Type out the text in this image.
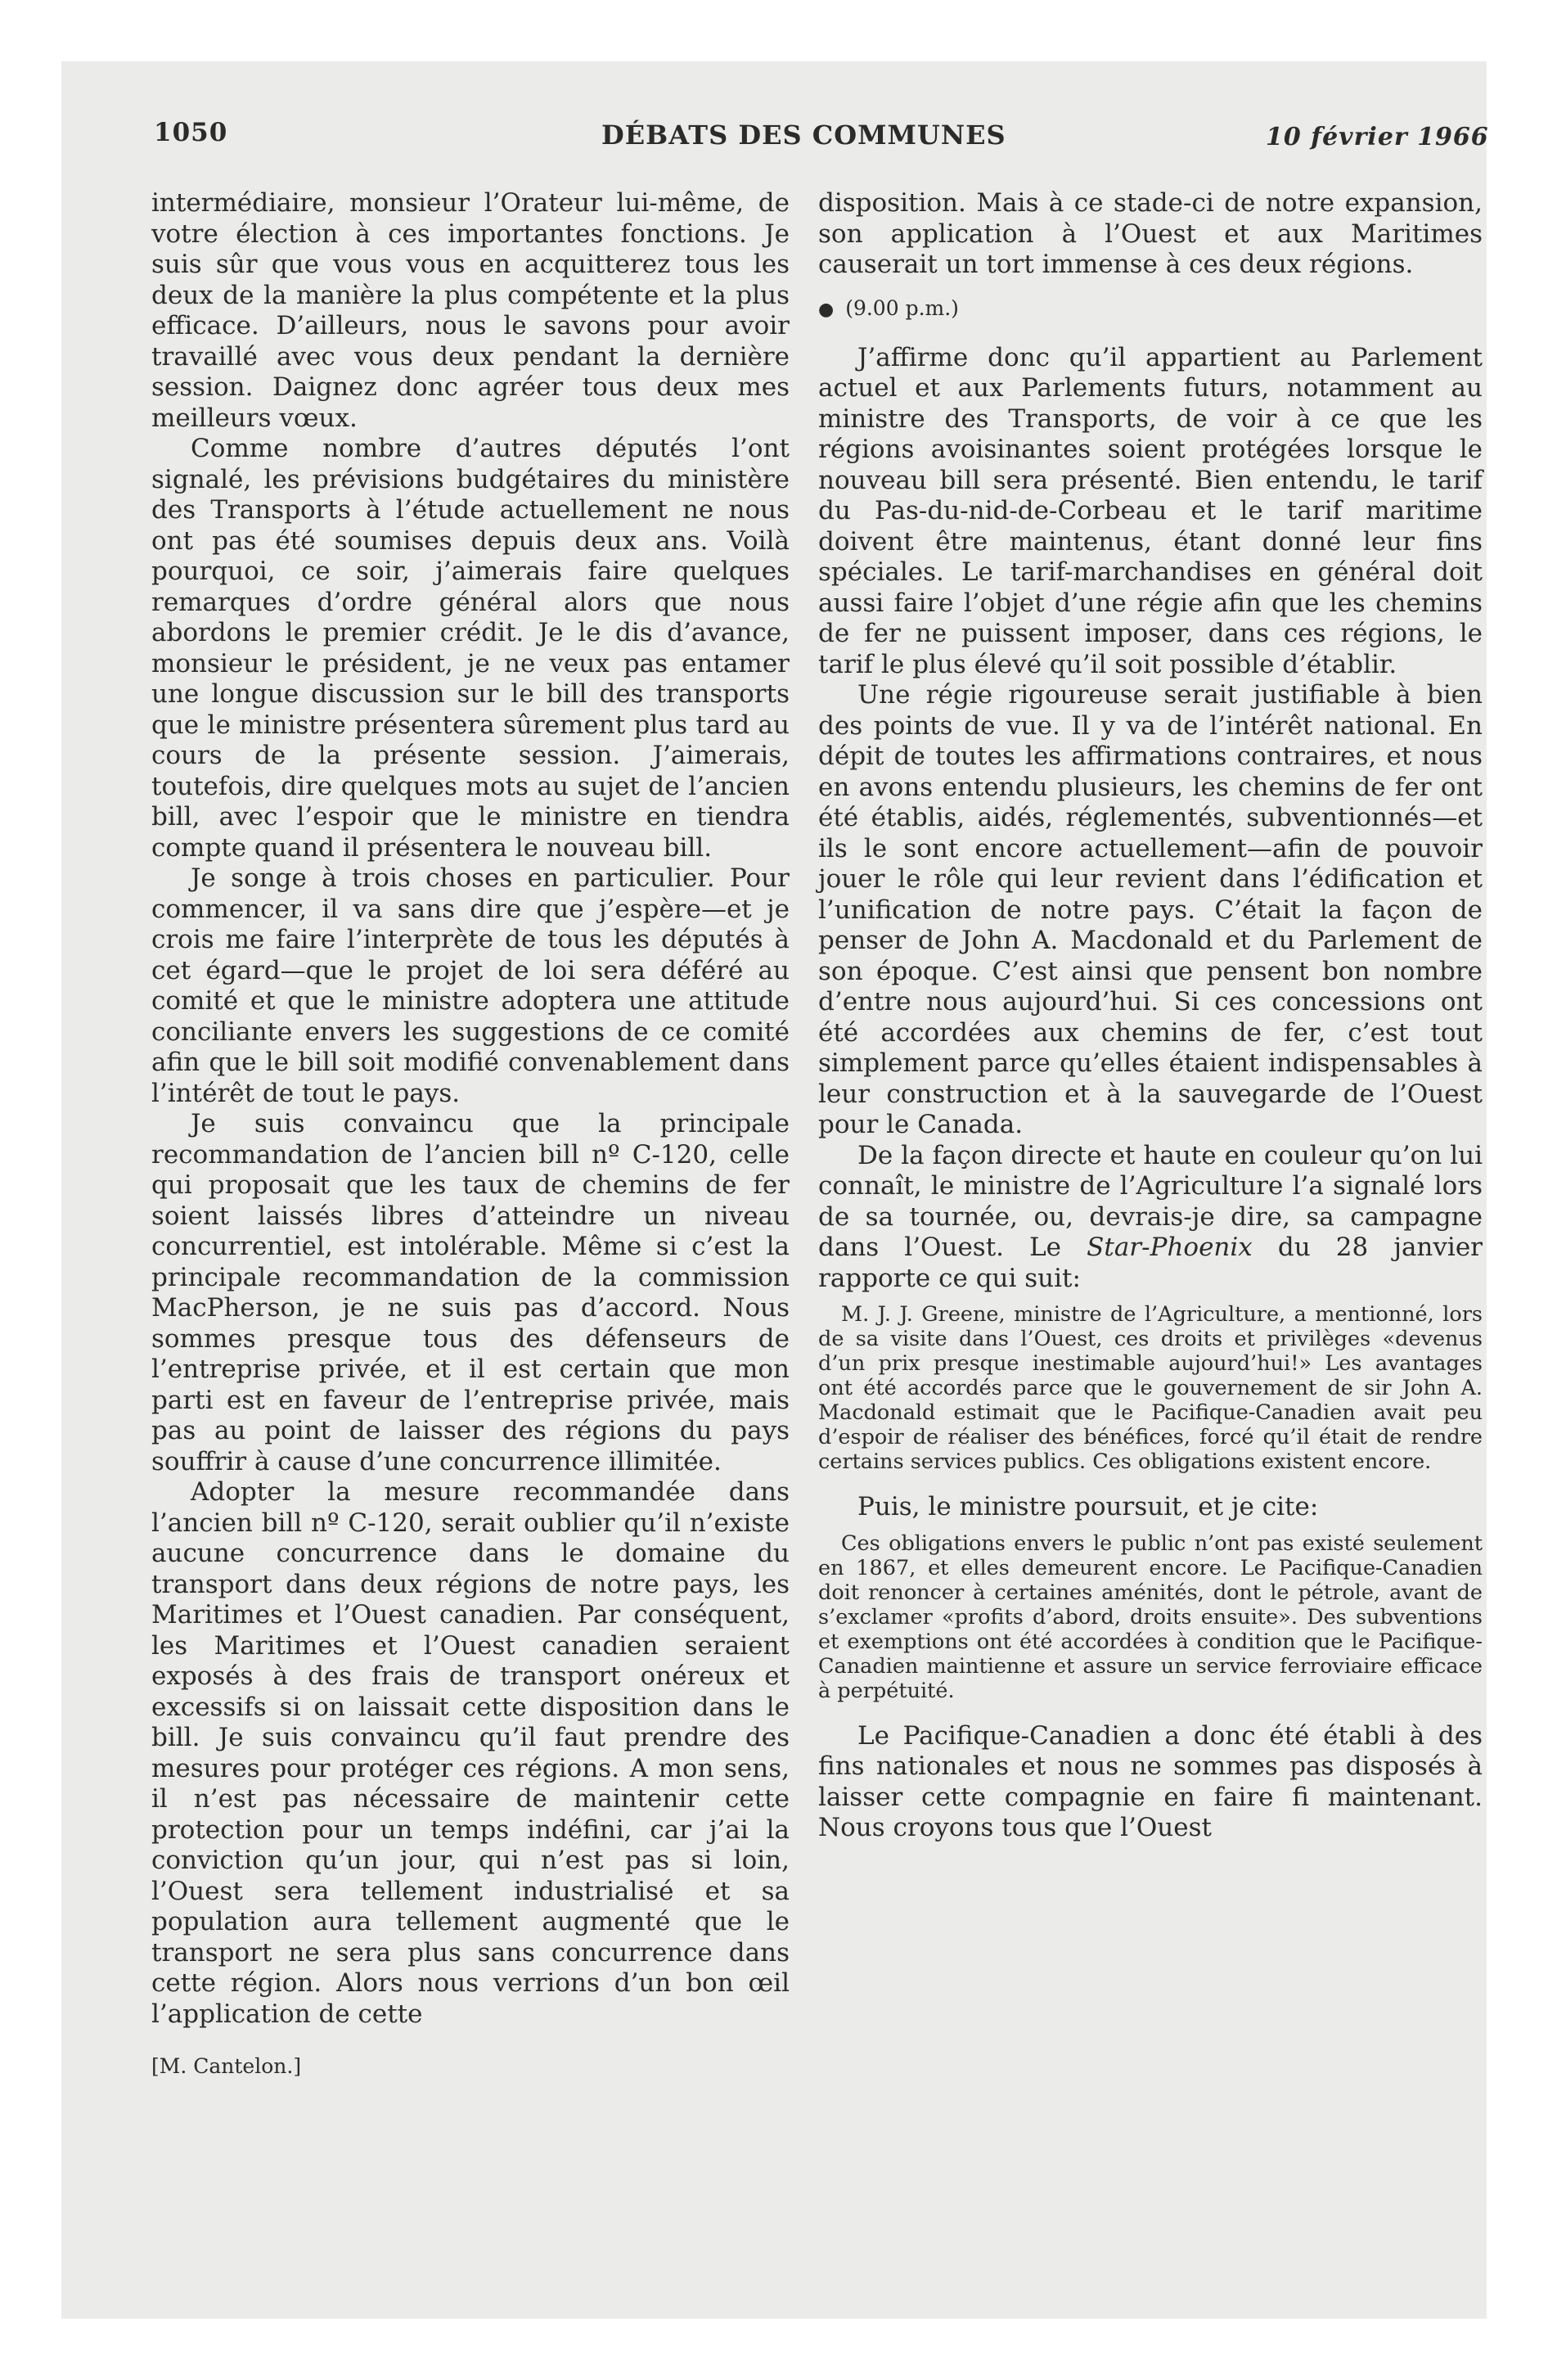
1050	DÉBATS DES COMMUNES	10 février 1966

intermédiaire, monsieur l’Orateur lui-même, de votre élection à ces importantes fonctions. Je suis sûr que vous vous en acquitterez tous les deux de la manière la plus compétente et la plus efficace. D’ailleurs, nous le savons pour avoir travaillé avec vous deux pendant la dernière session. Daignez donc agréer tous deux mes meilleurs vœux.

Comme nombre d’autres députés l’ont signalé, les prévisions budgétaires du ministère des Transports à l’étude actuellement ne nous ont pas été soumises depuis deux ans. Voilà pourquoi, ce soir, j’aimerais faire quelques remarques d’ordre général alors que nous abordons le premier crédit. Je le dis d’avance, monsieur le président, je ne veux pas entamer une longue discussion sur le bill des transports que le ministre présentera sûrement plus tard au cours de la présente session. J’aimerais, toutefois, dire quelques mots au sujet de l’ancien bill, avec l’espoir que le ministre en tiendra compte quand il présentera le nouveau bill.

Je songe à trois choses en particulier. Pour commencer, il va sans dire que j’espère—et je crois me faire l’interprète de tous les députés à cet égard—que le projet de loi sera déféré au comité et que le ministre adoptera une attitude conciliante envers les suggestions de ce comité afin que le bill soit modifié convenablement dans l’intérêt de tout le pays.

Je suis convaincu que la principale recommandation de l’ancien bill nº C-120, celle qui proposait que les taux de chemins de fer soient laissés libres d’atteindre un niveau concurrentiel, est intolérable. Même si c’est la principale recommandation de la commission MacPherson, je ne suis pas d’accord. Nous sommes presque tous des défenseurs de l’entreprise privée, et il est certain que mon parti est en faveur de l’entreprise privée, mais pas au point de laisser des régions du pays souffrir à cause d’une concurrence illimitée.

Adopter la mesure recommandée dans l’ancien bill nº C-120, serait oublier qu’il n’existe aucune concurrence dans le domaine du transport dans deux régions de notre pays, les Maritimes et l’Ouest canadien. Par conséquent, les Maritimes et l’Ouest canadien seraient exposés à des frais de transport onéreux et excessifs si on laissait cette disposition dans le bill. Je suis convaincu qu’il faut prendre des mesures pour protéger ces régions. A mon sens, il n’est pas nécessaire de maintenir cette protection pour un temps indéfini, car j’ai la conviction qu’un jour, qui n’est pas si loin, l’Ouest sera tellement industrialisé et sa population aura tellement augmenté que le transport ne sera plus sans concurrence dans cette région. Alors nous verrions d’un bon œil l’application de cette

[M. Cantelon.]

disposition. Mais à ce stade-ci de notre expansion, son application à l’Ouest et aux Maritimes causerait un tort immense à ces deux régions.

● (9.00 p.m.)

J’affirme donc qu’il appartient au Parlement actuel et aux Parlements futurs, notamment au ministre des Transports, de voir à ce que les régions avoisinantes soient protégées lorsque le nouveau bill sera présenté. Bien entendu, le tarif du Pas-du-nid-de-Corbeau et le tarif maritime doivent être maintenus, étant donné leur fins spéciales. Le tarif-marchandises en général doit aussi faire l’objet d’une régie afin que les chemins de fer ne puissent imposer, dans ces régions, le tarif le plus élevé qu’il soit possible d’établir.

Une régie rigoureuse serait justifiable à bien des points de vue. Il y va de l’intérêt national. En dépit de toutes les affirmations contraires, et nous en avons entendu plusieurs, les chemins de fer ont été établis, aidés, réglementés, subventionnés—et ils le sont encore actuellement—afin de pouvoir jouer le rôle qui leur revient dans l’édification et l’unification de notre pays. C’était la façon de penser de John A. Macdonald et du Parlement de son époque. C’est ainsi que pensent bon nombre d’entre nous aujourd’hui. Si ces concessions ont été accordées aux chemins de fer, c’est tout simplement parce qu’elles étaient indispensables à leur construction et à la sauvegarde de l’Ouest pour le Canada.

De la façon directe et haute en couleur qu’on lui connaît, le ministre de l’Agriculture l’a signalé lors de sa tournée, ou, devrais-je dire, sa campagne dans l’Ouest. Le Star-Phoenix du 28 janvier rapporte ce qui suit:

M. J. J. Greene, ministre de l’Agriculture, a mentionné, lors de sa visite dans l’Ouest, ces droits et privilèges «devenus d’un prix presque inestimable aujourd’hui!» Les avantages ont été accordés parce que le gouvernement de sir John A. Macdonald estimait que le Pacifique-Canadien avait peu d’espoir de réaliser des bénéfices, forcé qu’il était de rendre certains services publics. Ces obligations existent encore.

Puis, le ministre poursuit, et je cite:

Ces obligations envers le public n’ont pas existé seulement en 1867, et elles demeurent encore. Le Pacifique-Canadien doit renoncer à certaines aménités, dont le pétrole, avant de s’exclamer «profits d’abord, droits ensuite». Des subventions et exemptions ont été accordées à condition que le Pacifique-Canadien maintienne et assure un service ferroviaire efficace à perpétuité.

Le Pacifique-Canadien a donc été établi à des fins nationales et nous ne sommes pas disposés à laisser cette compagnie en faire fi maintenant. Nous croyons tous que l’Ouest
